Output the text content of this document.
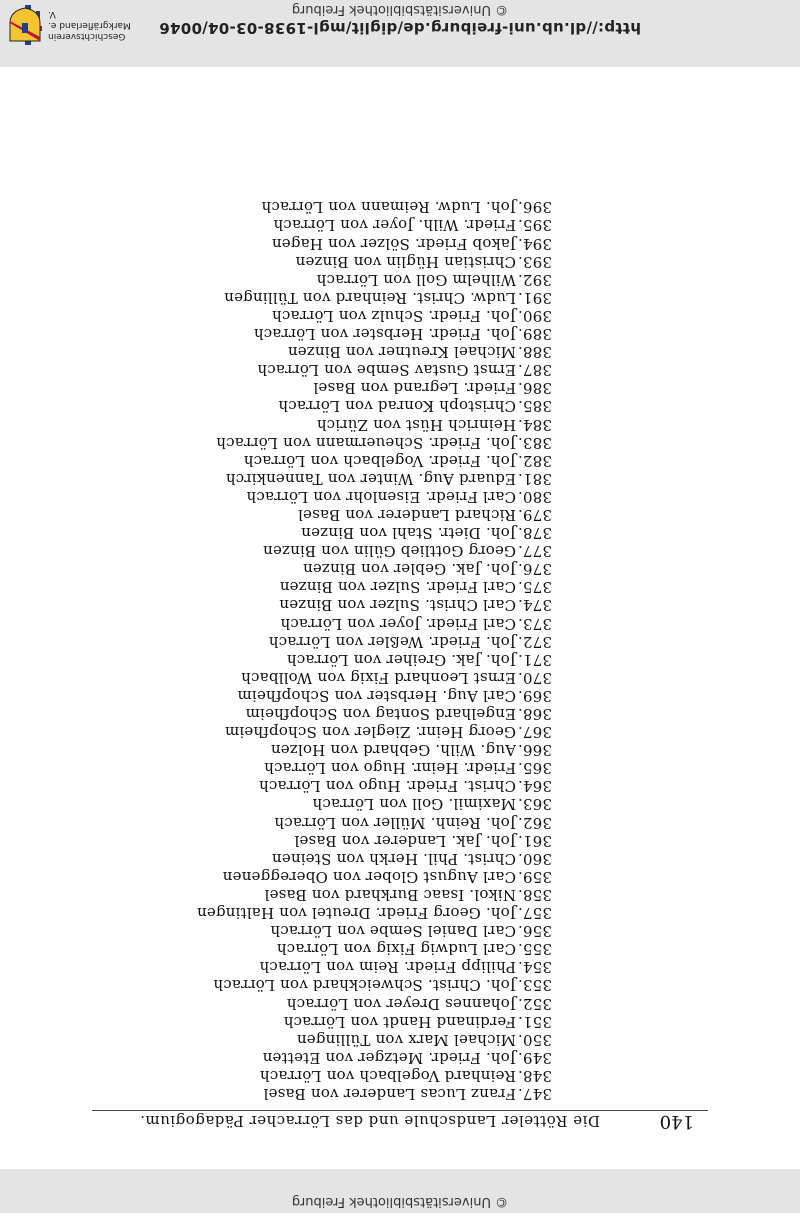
© Universitätsbibliothek Freiburg
140
Die Rötteler Landschule und das Lörracher Pädagogium.
347.Franz Lucas Landerer von Basel
348.Reinhard Vogelbach von Lörrach
349.Joh. Friedr. Metzger von Etetten
350.Michael Marx von Tüllingen
351.Ferdinand Handt von Lörrach
352.Johannes Dreyer von Lörrach
353.Joh. Christ. Schweickhard von Lörrach
354.Philipp Friedr. Reim von Lörrach
355.Carl Ludwig Fixig von Lörrach
356.Carl Daniel Sembe von Lörrach
357.Joh. Georg Friedr. Dreutel von Haltingen
358.Nikol. Isaac Burkhard von Basel
359.Carl August Glober von Obereggenen
360.Christ. Phil. Herkh von Steinen
361.Joh. Jak. Landerer von Basel
362.Joh. Reinh. Müller von Lörrach
363.Maximil. Goll von Lörrach
364.Christ. Friedr. Hugo von Lörrach
365.Friedr. Heinr. Hugo von Lörrach
366.Aug. Wilh. Gebhard von Holzen
367.Georg Heinr. Ziegler von Schopfheim
368.Engelhard Sontag von Schopfheim
369.Carl Aug. Herbster von Schopfheim
370.Ernst Leonhard Fixig von Wollbach
371.Joh. Jak. Greiher von Lörrach
372.Joh. Friedr. Weßler von Lörrach
373.Carl Friedr. Joyer von Lörrach
374.Carl Christ. Sulzer von Binzen
375.Carl Friedr. Sulzer von Binzen
376.Joh. Jak. Gebler von Binzen
377.Georg Gottlieb Gülin von Binzen
378.Joh. Dietr. Stahl von Binzen
379.Richard Landerer von Basel
380.Carl Friedr. Eisenlohr von Lörrach
381.Eduard Aug. Winter von Tannenkirch
382.Joh. Friedr. Vogelbach von Lörrach
383.Joh. Friedr. Scheuermann von Lörrach
384.Heinrich Hüst von Zürich
385.Christoph Konrad von Lörrach
386.Friedr. Legrand von Basel
387.Ernst Gustav Sembe von Lörrach
388.Michael Kreutner von Binzen
389.Joh. Friedr. Herbster von Lörrach
390.Joh. Friedr. Schulz von Lörrach
391.Ludw. Christ. Reinhard von Tüllingen
392.Wilhelm Goll von Lörrach
393.Christian Hüglin von Binzen
394.Jakob Friedr. Sölzer von Hagen
395.Friedr. Wilh. Joyer von Lörrach
396.Joh. Ludw. Reimann von Lörrach
http://dl.ub.uni-freiburg.de/diglit/mgl-1938-03-04/0046
© Universitätsbibliothek Freiburg
Geschichtsverein
Markgräflerland e. V.
